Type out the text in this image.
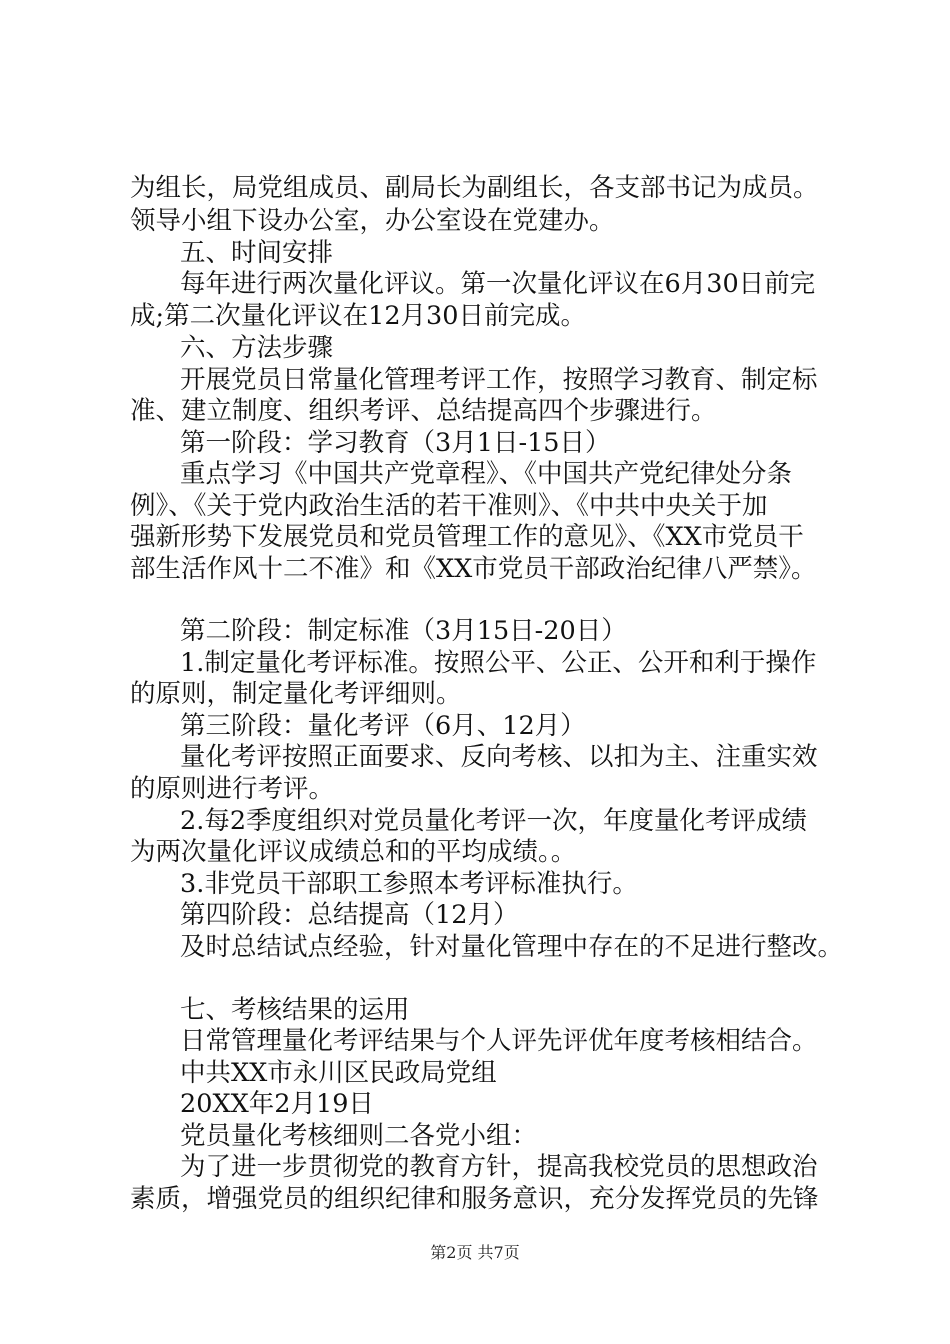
为组长，局党组成员、副局长为副组长，各支部书记为成员。
领导小组下设办公室，办公室设在党建办。
五、时间安排
每年进行两次量化评议。第一次量化评议在6月30日前完
成;第二次量化评议在12月30日前完成。
六、方法步骤
开展党员日常量化管理考评工作，按照学习教育、制定标
准、建立制度、组织考评、总结提高四个步骤进行。
第一阶段：学习教育（3月1日-15日）
重点学习《中国共产党章程》、《中国共产党纪律处分条
例》、《关于党内政治生活的若干准则》、《中共中央关于加
强新形势下发展党员和党员管理工作的意见》、《XX市党员干
部生活作风十二不准》和《XX市党员干部政治纪律八严禁》。
第二阶段：制定标准（3月15日-20日）
1.制定量化考评标准。按照公平、公正、公开和利于操作
的原则，制定量化考评细则。
第三阶段：量化考评（6月、12月）
量化考评按照正面要求、反向考核、以扣为主、注重实效
的原则进行考评。
2.每2季度组织对党员量化考评一次，年度量化考评成绩
为两次量化评议成绩总和的平均成绩。。
3.非党员干部职工参照本考评标准执行。
第四阶段：总结提高（12月）
及时总结试点经验，针对量化管理中存在的不足进行整改。
七、考核结果的运用
日常管理量化考评结果与个人评先评优年度考核相结合。
中共XX市永川区民政局党组
20XX年2月19日
党员量化考核细则二各党小组：
为了进一步贯彻党的教育方针，提高我校党员的思想政治
素质，增强党员的组织纪律和服务意识，充分发挥党员的先锋
第2页 共7页
